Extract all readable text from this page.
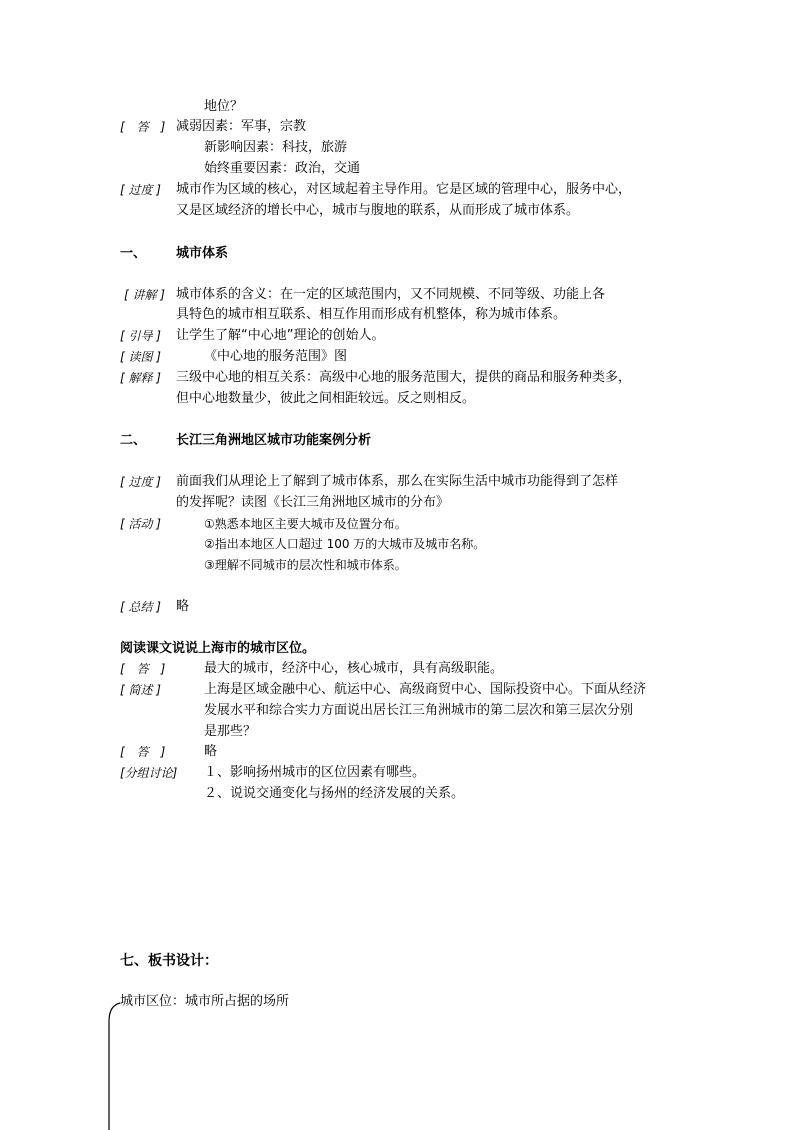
地位？
[　答　] 减弱因素：军事，宗教
新影响因素：科技，旅游
始终重要因素：政治，交通
[ 过度 ] 城市作为区域的核心，对区域起着主导作用。它是区域的管理中心，服务中心，
又是区域经济的增长中心，城市与腹地的联系，从而形成了城市体系。
一、 城市体系
[ 讲解 ] 城市体系的含义：在一定的区域范围内，又不同规模、不同等级、功能上各
具特色的城市相互联系、相互作用而形成有机整体，称为城市体系。
[ 引导 ] 让学生了解“中心地”理论的创始人。
[ 读图 ]	《中心地的服务范围》图
[ 解释 ] 三级中心地的相互关系：高级中心地的服务范围大，提供的商品和服务种类多，
但中心地数量少，彼此之间相距较远。反之则相反。
二、 长江三角洲地区城市功能案例分析
[ 过度 ] 前面我们从理论上了解到了城市体系，那么在实际生活中城市功能得到了怎样
的发挥呢？读图《长江三角洲地区城市的分布》
[ 活动 ]	①熟悉本地区主要大城市及位置分布。
②指出本地区人口超过 100 万的大城市及城市名称。
③理解不同城市的层次性和城市体系。
[ 总结 ] 略
阅读课文说说上海市的城市区位。
[　答　]	最大的城市，经济中心，核心城市，具有高级职能。
[ 简述 ]	上海是区域金融中心、航运中心、高级商贸中心、国际投资中心。下面从经济
发展水平和综合实力方面说出居长江三角洲城市的第二层次和第三层次分别
是那些？
[　答　]	略
[分组讨论] １、影响扬州城市的区位因素有哪些。
２、说说交通变化与扬州的经济发展的关系。
七、板书设计：
城市区位：城市所占据的场所
